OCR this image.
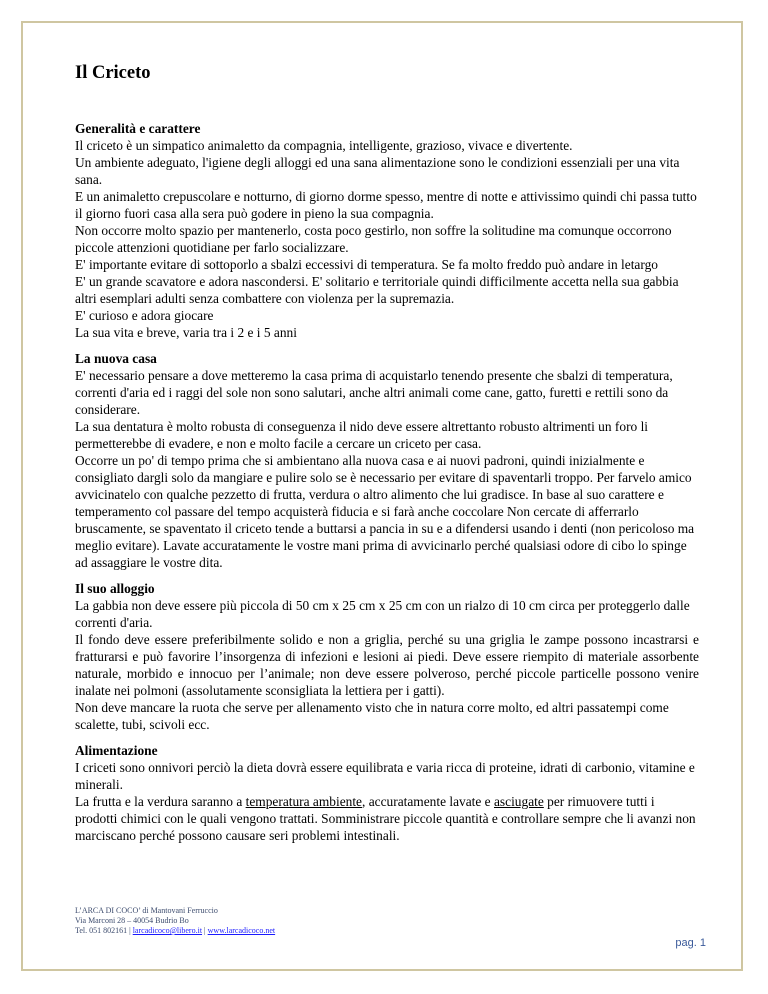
Il Criceto
Generalità e carattere
Il criceto è un simpatico animaletto da compagnia, intelligente, grazioso, vivace e divertente.
Un ambiente adeguato, l'igiene degli alloggi ed una sana alimentazione sono le condizioni essenziali per una vita sana.
E un animaletto crepuscolare e notturno, di giorno dorme spesso, mentre di notte e attivissimo quindi chi passa tutto il giorno fuori casa alla sera può godere in pieno la sua compagnia.
Non occorre molto spazio per mantenerlo, costa poco gestirlo, non soffre la solitudine ma comunque occorrono piccole attenzioni quotidiane per farlo socializzare.
E' importante evitare di sottoporlo a sbalzi eccessivi di temperatura. Se fa molto freddo può andare in letargo
E' un grande scavatore e adora nascondersi. E' solitario e territoriale quindi difficilmente accetta nella sua gabbia altri esemplari adulti senza combattere con violenza per la supremazia.
E' curioso e adora giocare
La sua vita e breve, varia tra i 2 e i 5 anni
La nuova casa
E' necessario pensare a dove metteremo la casa prima di acquistarlo tenendo presente che sbalzi di temperatura, correnti d'aria ed i raggi del sole non sono salutari, anche altri animali come cane, gatto, furetti e rettili sono da considerare.
La sua dentatura è molto robusta di conseguenza il nido deve essere altrettanto robusto altrimenti un foro li permetterebbe di evadere, e non e molto facile a cercare un criceto per casa.
Occorre un po' di tempo prima che si ambientano alla nuova casa e ai nuovi padroni, quindi inizialmente e consigliato dargli solo da mangiare e pulire solo se è necessario per evitare di spaventarli troppo. Per farvelo amico avvicinatelo con qualche pezzetto di frutta, verdura o altro alimento che lui gradisce. In base al suo carattere e temperamento col passare del tempo acquisterà fiducia e si farà anche coccolare Non cercate di afferrarlo bruscamente, se spaventato il criceto tende a buttarsi a pancia in su e a difendersi usando i denti (non pericoloso ma meglio evitare). Lavate accuratamente le vostre mani prima di avvicinarlo perché qualsiasi odore di cibo lo spinge ad assaggiare le vostre dita.
Il suo alloggio
La gabbia non deve essere più piccola di 50 cm x 25 cm x 25 cm con un rialzo di 10 cm circa per proteggerlo dalle correnti d'aria.
Il fondo deve essere preferibilmente solido e non a griglia, perché su una griglia le zampe possono incastrarsi e fratturarsi e può favorire l’insorgenza di infezioni e lesioni ai piedi. Deve essere riempito di materiale assorbente naturale, morbido e innocuo per l’animale; non deve essere polveroso, perché piccole particelle possono venire inalate nei polmoni (assolutamente sconsigliata la lettiera per i gatti).
Non deve mancare la ruota che serve per allenamento visto che in natura corre molto, ed altri passatempi come scalette, tubi, scivoli ecc.
Alimentazione
I criceti sono onnivori perciò la dieta dovrà essere equilibrata e varia ricca di proteine, idrati di carbonio, vitamine e minerali.
La frutta e la verdura saranno a temperatura ambiente, accuratamente lavate e asciugate per rimuovere tutti i prodotti chimici con le quali vengono trattati. Somministrare piccole quantità e controllare sempre che li avanzi non marciscano perché possono causare seri problemi intestinali.
L’ARCA DI COCO’ di Mantovani Ferruccio
Via Marconi 28 – 40054 Budrio Bo
Tel. 051 802161 | larcadicoco@libero.it | www.larcadicoco.net
pag. 1
